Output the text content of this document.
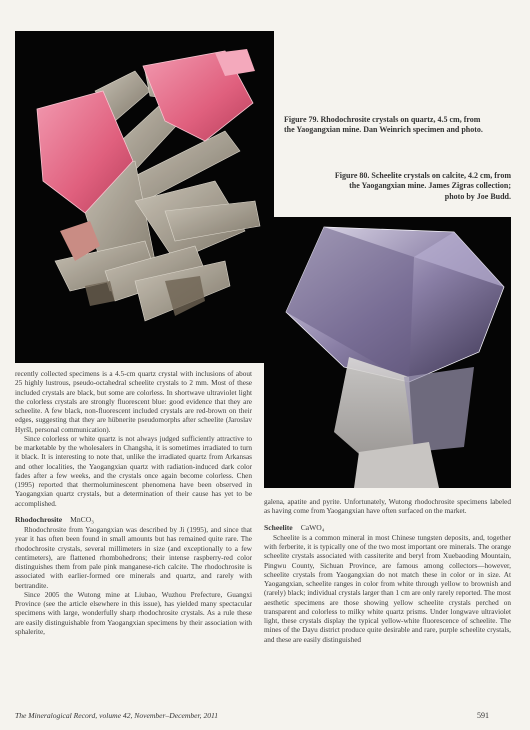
Figure 79. Rhodochrosite crystals on quartz, 4.5 cm, from the Yaogangxian mine. Dan Weinrich specimen and photo.
Figure 80. Scheelite crystals on calcite, 4.2 cm, from the Yaogangxian mine. James Zigras collection; photo by Joe Budd.

recently collected specimens is a 4.5-cm quartz crystal with inclusions of about 25 highly lustrous, pseudo-octahedral scheelite crystals to 2 mm. Most of these included crystals are black, but some are colorless. In shortwave ultraviolet light the colorless crystals are strongly fluorescent blue: good evidence that they are scheelite. A few black, non-fluorescent included crystals are red-brown on their edges, suggesting that they are hübnerite pseudomorphs after scheelite (Jaroslav Hyršl, personal communication).

Since colorless or white quartz is not always judged sufficiently attractive to be marketable by the wholesalers in Changsha, it is sometimes irradiated to turn it black. It is interesting to note that, unlike the irradiated quartz from Arkansas and other localities, the Yaogangxian quartz with radiation-induced dark color fades after a few weeks, and the crystals once again become colorless. Chen (1995) reported that thermoluminescent phenomena have been observed in Yaogangxian quartz crystals, but a determination of their cause has yet to be accomplished.

Rhodochrosite MnCO₃

Rhodochrosite from Yaogangxian was described by Ji (1995), and since that year it has often been found in small amounts but has remained quite rare. The rhodochrosite crystals, several millimeters in size (and exceptionally to a few centimeters), are flattened rhombohedrons; their intense raspberry-red color distinguishes them from pale pink manganese-rich calcite. The rhodochrosite is associated with earlier-formed ore minerals and quartz, and rarely with bertrandite.

Since 2005 the Wutong mine at Liubao, Wuzhou Prefecture, Guangxi Province (see the article elsewhere in this issue), has yielded many spectacular specimens with large, wonderfully sharp rhodochrosite crystals. As a rule these are easily distinguishable from Yaogangxian specimens by their association with sphalerite,

galena, apatite and pyrite. Unfortunately, Wutong rhodochrosite specimens labeled as having come from Yaogangxian have often surfaced on the market.

Scheelite CaWO₄

Scheelite is a common mineral in most Chinese tungsten deposits, and, together with ferberite, it is typically one of the two most important ore minerals. The orange scheelite crystals associated with cassiterite and beryl from Xuebaoding Mountain, Pingwu County, Sichuan Province, are famous among collectors—however, scheelite crystals from Yaogangxian do not match these in color or in size. At Yaogangxian, scheelite ranges in color from white through yellow to brownish and (rarely) black; individual crystals larger than 1 cm are only rarely reported. The most aesthetic specimens are those showing yellow scheelite crystals perched on transparent and colorless to milky white quartz prisms. Under longwave ultraviolet light, these crystals display the typical yellow-white fluorescence of scheelite. The mines of the Dayu district produce quite desirable and rare, purple scheelite crystals, and these are easily distinguished

The Mineralogical Record, volume 42, November–December, 2011	591
